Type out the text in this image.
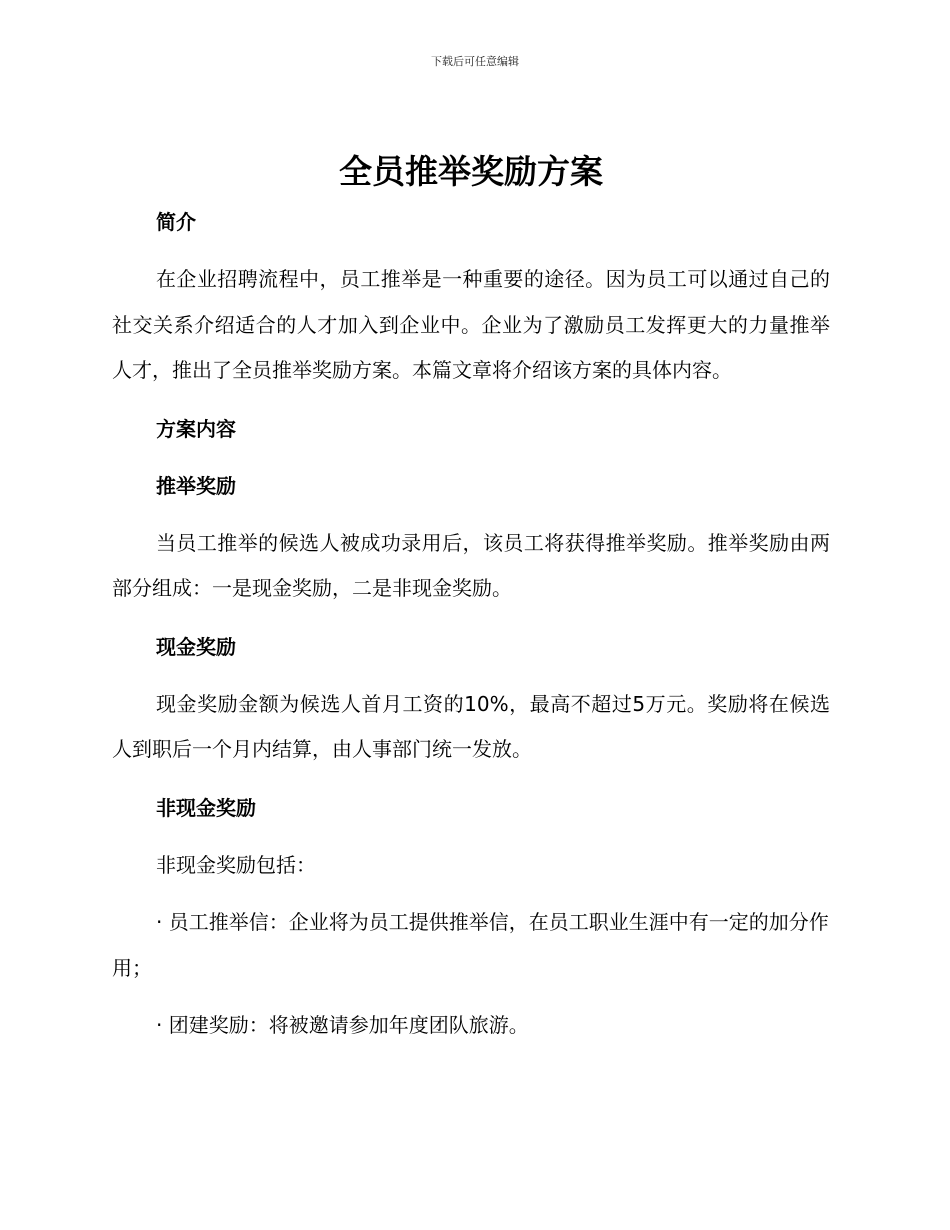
下载后可任意编辑
全员推举奖励方案
简介

在企业招聘流程中，员工推举是一种重要的途径。因为员工可以通过自己的社交关系介绍适合的人才加入到企业中。企业为了激励员工发挥更大的力量推举人才，推出了全员推举奖励方案。本篇文章将介绍该方案的具体内容。

方案内容
推举奖励

当员工推举的候选人被成功录用后，该员工将获得推举奖励。推举奖励由两部分组成：一是现金奖励，二是非现金奖励。

现金奖励

现金奖励金额为候选人首月工资的10%，最高不超过5万元。奖励将在候选人到职后一个月内结算，由人事部门统一发放。

非现金奖励

非现金奖励包括：

· 员工推举信：企业将为员工提供推举信，在员工职业生涯中有一定的加分作用；

· 团建奖励：将被邀请参加年度团队旅游。
